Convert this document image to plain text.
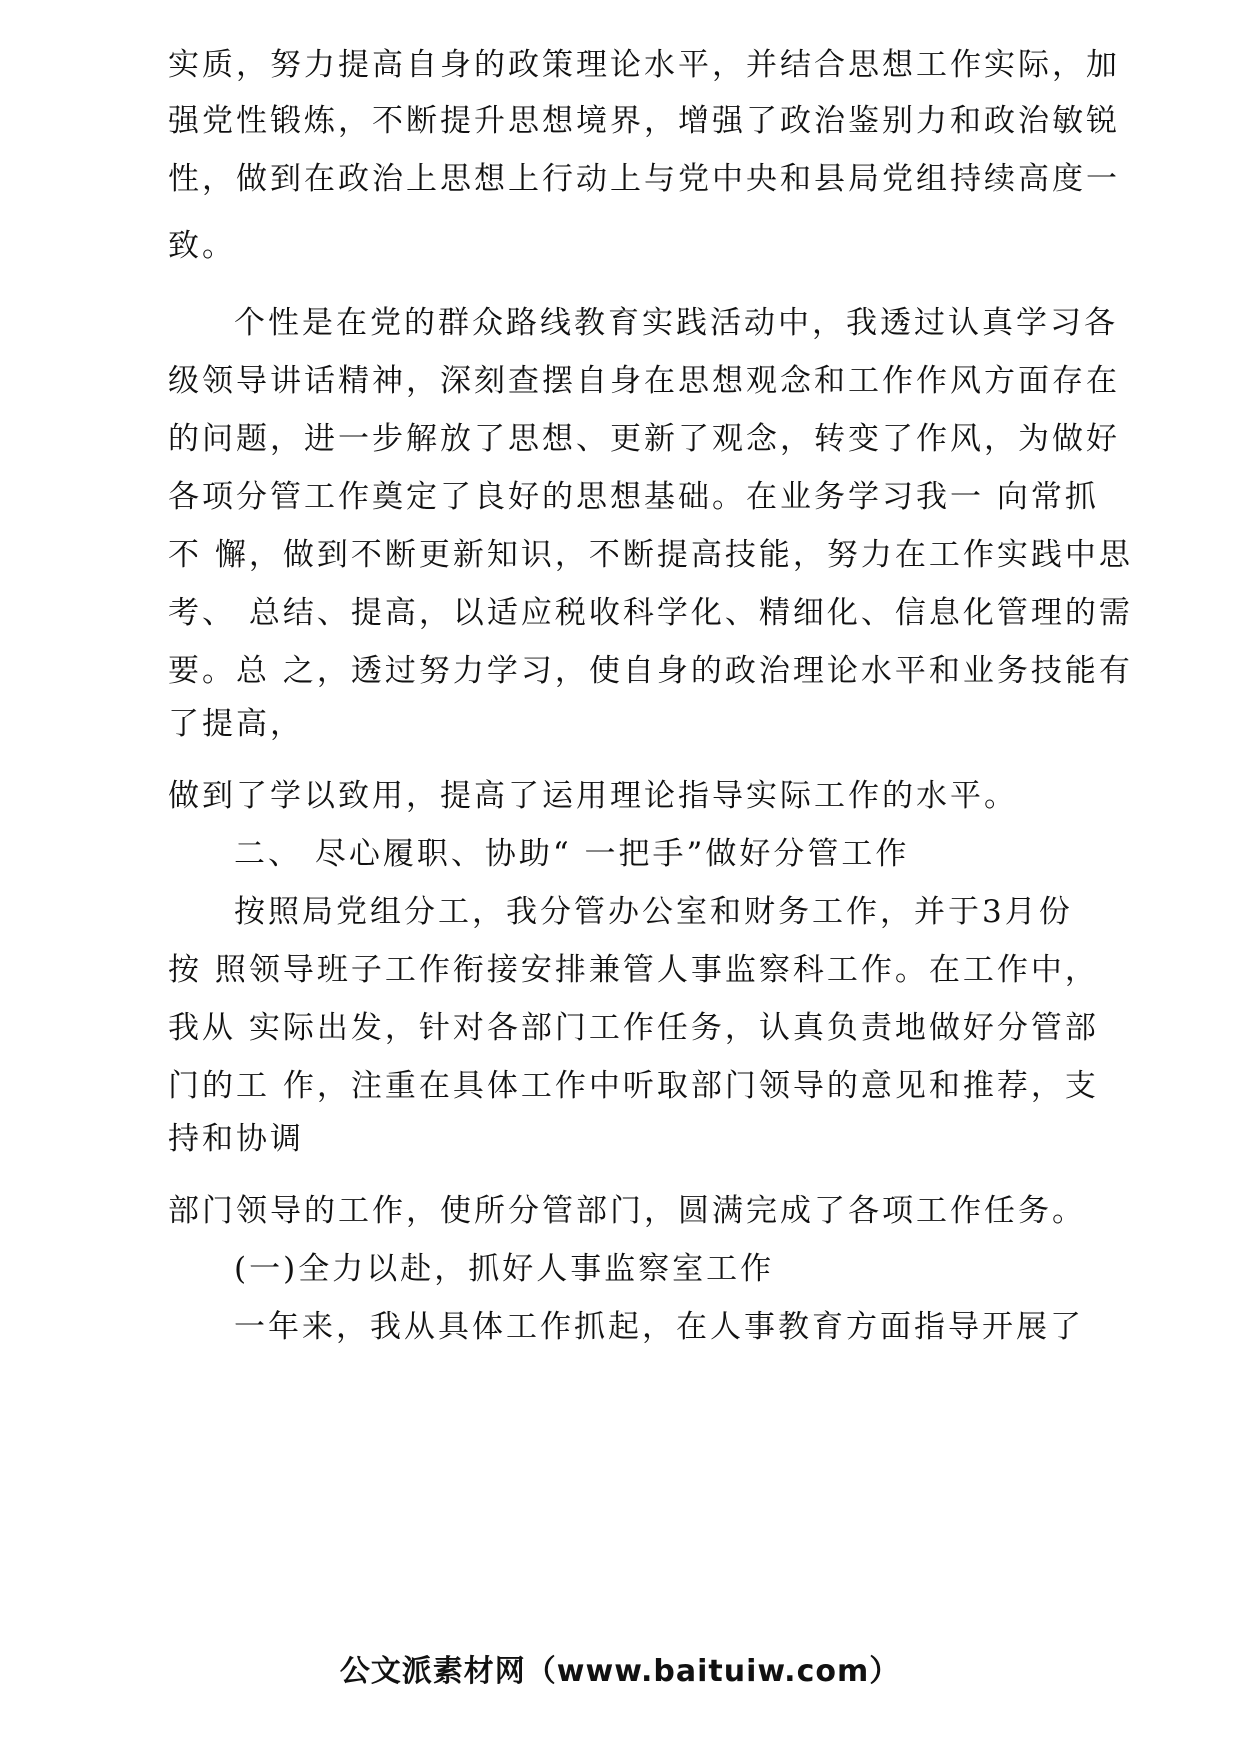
实质，努力提高自身的政策理论水平，并结合思想工作实际，加
强党性锻炼，不断提升思想境界，增强了政治鉴别力和政治敏锐
性，做到在政治上思想上行动上与党中央和县局党组持续高度一
致。
个性是在党的群众路线教育实践活动中，我透过认真学习各
级领导讲话精神，深刻查摆自身在思想观念和工作作风方面存在
的问题，进一步解放了思想、更新了观念，转变了作风，为做好
各项分管工作奠定了良好的思想基础。在业务学习我一 向常抓
不 懈，做到不断更新知识，不断提高技能，努力在工作实践中思
考、 总结、提高，以适应税收科学化、精细化、信息化管理的需
要。总 之，透过努力学习，使自身的政治理论水平和业务技能有
了提高，
做到了学以致用，提高了运用理论指导实际工作的水平。
二、 尽心履职、协助“ 一把手”做好分管工作
按照局党组分工，我分管办公室和财务工作，并于3月份
按 照领导班子工作衔接安排兼管人事监察科工作。在工作中，
我从 实际出发，针对各部门工作任务，认真负责地做好分管部
门的工 作，注重在具体工作中听取部门领导的意见和推荐，支
持和协调
部门领导的工作，使所分管部门，圆满完成了各项工作任务。
(一)全力以赴，抓好人事监察室工作
一年来，我从具体工作抓起，在人事教育方面指导开展了
公文派素材网（www.baituiw.com）
